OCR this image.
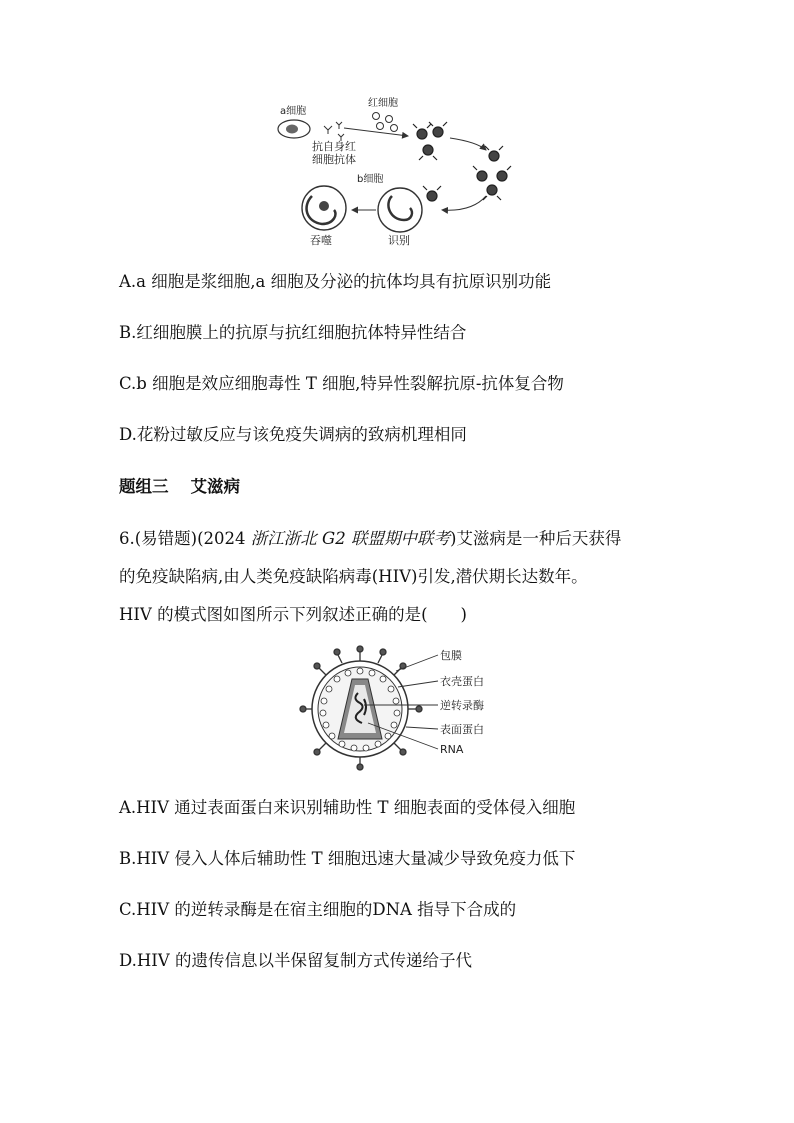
a细胞
抗自身红
细胞抗体
红细胞
b细胞
吞噬	识别
A.a 细胞是浆细胞,a 细胞及分泌的抗体均具有抗原识别功能
B.红细胞膜上的抗原与抗红细胞抗体特异性结合
C.b 细胞是效应细胞毒性 T 细胞,特异性裂解抗原-抗体复合物
D.花粉过敏反应与该免疫失调病的致病机理相同
题组三 艾滋病
6.(易错题)(2024 浙江浙北 G2 联盟期中联考)艾滋病是一种后天获得
的免疫缺陷病,由人类免疫缺陷病毒(HIV)引发,潜伏期长达数年。
HIV 的模式图如图所示下列叙述正确的是(　　)
包膜
衣壳蛋白
逆转录酶
表面蛋白
RNA
A.HIV 通过表面蛋白来识别辅助性 T 细胞表面的受体侵入细胞
B.HIV 侵入人体后辅助性 T 细胞迅速大量减少导致免疫力低下
C.HIV 的逆转录酶是在宿主细胞的DNA 指导下合成的
D.HIV 的遗传信息以半保留复制方式传递给子代
